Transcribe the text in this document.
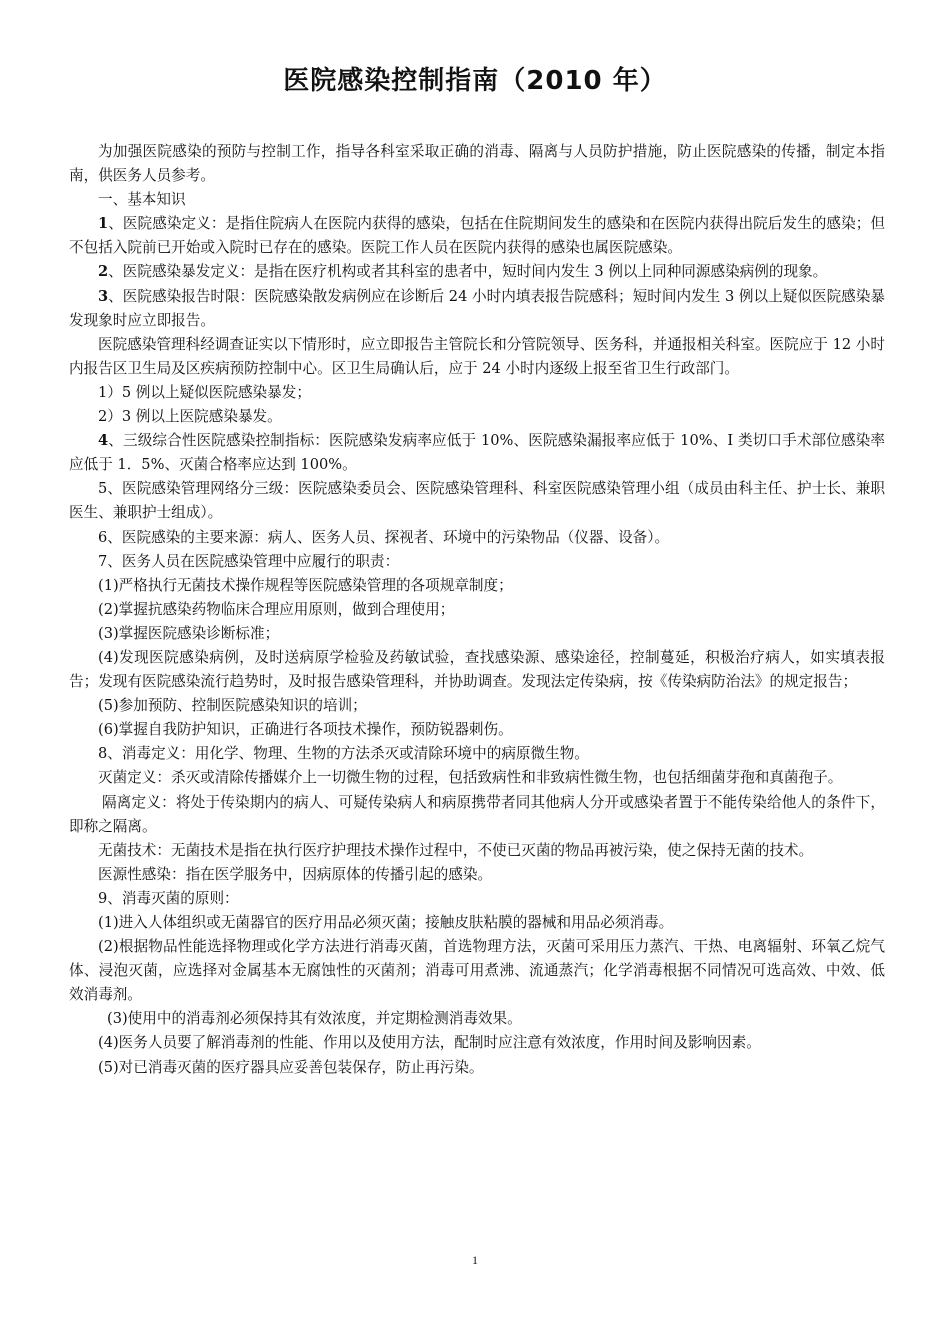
医院感染控制指南（2010 年）

为加强医院感染的预防与控制工作，指导各科室采取正确的消毒、隔离与人员防护措施，防止医院感染的传播，制定本指南，供医务人员参考。

一、基本知识

1、医院感染定义：是指住院病人在医院内获得的感染，包括在住院期间发生的感染和在医院内获得出院后发生的感染；但不包括入院前已开始或入院时已存在的感染。医院工作人员在医院内获得的感染也属医院感染。

2、医院感染暴发定义：是指在医疗机构或者其科室的患者中，短时间内发生 3 例以上同种同源感染病例的现象。

3、医院感染报告时限：医院感染散发病例应在诊断后 24 小时内填表报告院感科；短时间内发生 3 例以上疑似医院感染暴发现象时应立即报告。

医院感染管理科经调查证实以下情形时，应立即报告主管院长和分管院领导、医务科，并通报相关科室。医院应于 12 小时内报告区卫生局及区疾病预防控制中心。区卫生局确认后，应于 24 小时内逐级上报至省卫生行政部门。

1）5 例以上疑似医院感染暴发；

2）3 例以上医院感染暴发。

4、三级综合性医院感染控制指标：医院感染发病率应低于 10%、医院感染漏报率应低于 10%、I 类切口手术部位感染率应低于 1．5%、灭菌合格率应达到 100%。

5、医院感染管理网络分三级：医院感染委员会、医院感染管理科、科室医院感染管理小组（成员由科主任、护士长、兼职医生、兼职护士组成）。

6、医院感染的主要来源：病人、医务人员、探视者、环境中的污染物品（仪器、设备）。

7、医务人员在医院感染管理中应履行的职责：

(1)严格执行无菌技术操作规程等医院感染管理的各项规章制度；

(2)掌握抗感染药物临床合理应用原则，做到合理使用；

(3)掌握医院感染诊断标准；

(4)发现医院感染病例，及时送病原学检验及药敏试验，查找感染源、感染途径，控制蔓延，积极治疗病人，如实填表报告；发现有医院感染流行趋势时，及时报告感染管理科，并协助调查。发现法定传染病，按《传染病防治法》的规定报告；

(5)参加预防、控制医院感染知识的培训；

(6)掌握自我防护知识，正确进行各项技术操作，预防锐器刺伤。

8、消毒定义：用化学、物理、生物的方法杀灭或清除环境中的病原微生物。

灭菌定义：杀灭或清除传播媒介上一切微生物的过程，包括致病性和非致病性微生物，也包括细菌芽孢和真菌孢子。

隔离定义：将处于传染期内的病人、可疑传染病人和病原携带者同其他病人分开或感染者置于不能传染给他人的条件下，即称之隔离。

无菌技术：无菌技术是指在执行医疗护理技术操作过程中，不使已灭菌的物品再被污染，使之保持无菌的技术。

医源性感染：指在医学服务中，因病原体的传播引起的感染。

9、消毒灭菌的原则：

(1)进入人体组织或无菌器官的医疗用品必须灭菌；接触皮肤粘膜的器械和用品必须消毒。

(2)根据物品性能选择物理或化学方法进行消毒灭菌，首选物理方法，灭菌可采用压力蒸汽、干热、电离辐射、环氧乙烷气体、浸泡灭菌，应选择对金属基本无腐蚀性的灭菌剂；消毒可用煮沸、流通蒸汽；化学消毒根据不同情况可选高效、中效、低效消毒剂。

(3)使用中的消毒剂必须保持其有效浓度，并定期检测消毒效果。

(4)医务人员要了解消毒剂的性能、作用以及使用方法，配制时应注意有效浓度，作用时间及影响因素。

(5)对已消毒灭菌的医疗器具应妥善包装保存，防止再污染。

1
